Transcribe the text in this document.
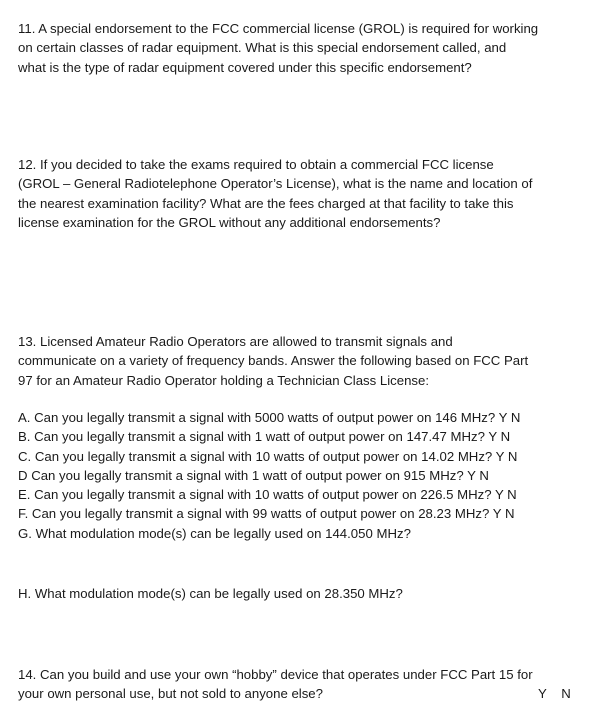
11. A special endorsement to the FCC commercial license (GROL) is required for working
on certain classes of radar equipment. What is this special endorsement called, and
what is the type of radar equipment covered under this specific endorsement?
12. If you decided to take the exams required to obtain a commercial FCC license
(GROL – General Radiotelephone Operator’s License), what is the name and location of
the nearest examination facility? What are the fees charged at that facility to take this
license examination for the GROL without any additional endorsements?
13. Licensed Amateur Radio Operators are allowed to transmit signals and
communicate on a variety of frequency bands. Answer the following based on FCC Part
97 for an Amateur Radio Operator holding a Technician Class License:
A. Can you legally transmit a signal with 5000 watts of output power on 146 MHz? Y N
B. Can you legally transmit a signal with 1 watt of output power on 147.47 MHz? Y N
C. Can you legally transmit a signal with 10 watts of output power on 14.02 MHz? Y N
D Can you legally transmit a signal with 1 watt of output power on 915 MHz? Y N
E. Can you legally transmit a signal with 10 watts of output power on 226.5 MHz? Y N
F. Can you legally transmit a signal with 99 watts of output power on 28.23 MHz? Y N
G. What modulation mode(s) can be legally used on 144.050 MHz?
H. What modulation mode(s) can be legally used on 28.350 MHz?
14. Can you build and use your own “hobby” device that operates under FCC Part 15 for
your own personal use, but not sold to anyone else?	Y    N
